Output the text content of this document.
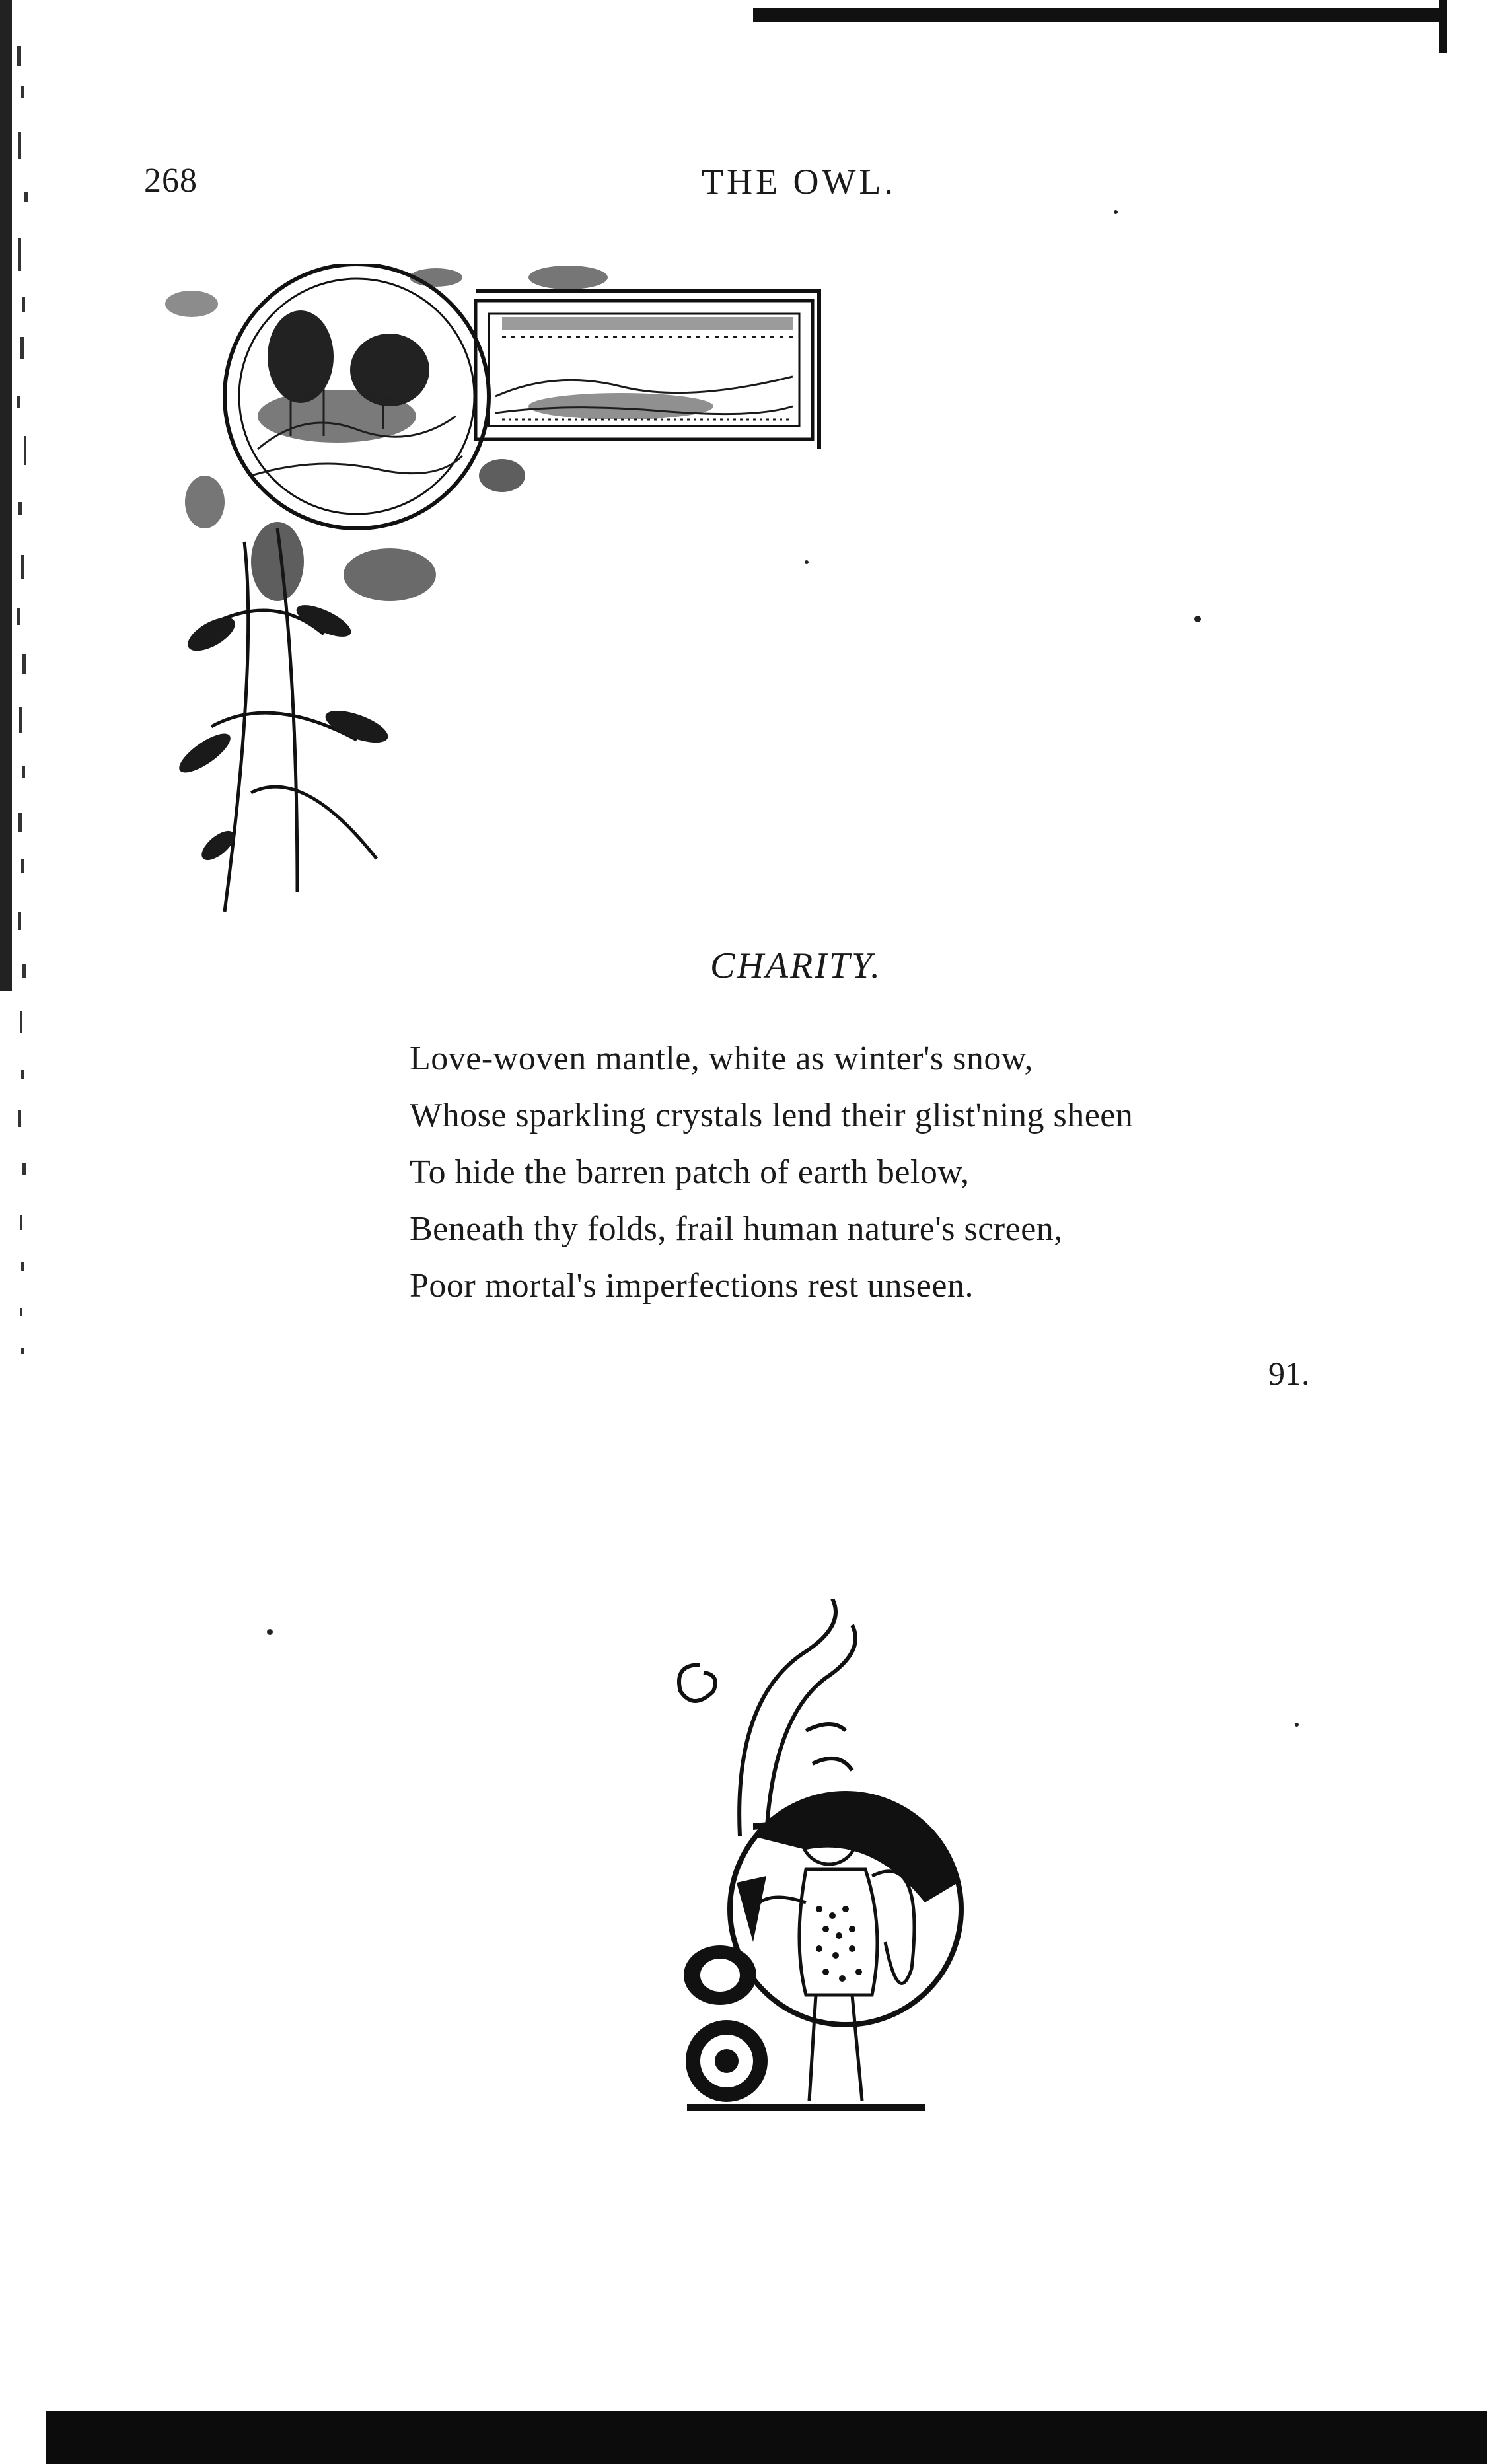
268	THE OWL.
CHARITY.
Love-woven mantle, white as winter's snow,
Whose sparkling crystals lend their glist'ning sheen
To hide the barren patch of earth below,
Beneath thy folds, frail human nature's screen,
Poor mortal's imperfections rest unseen.
91.
